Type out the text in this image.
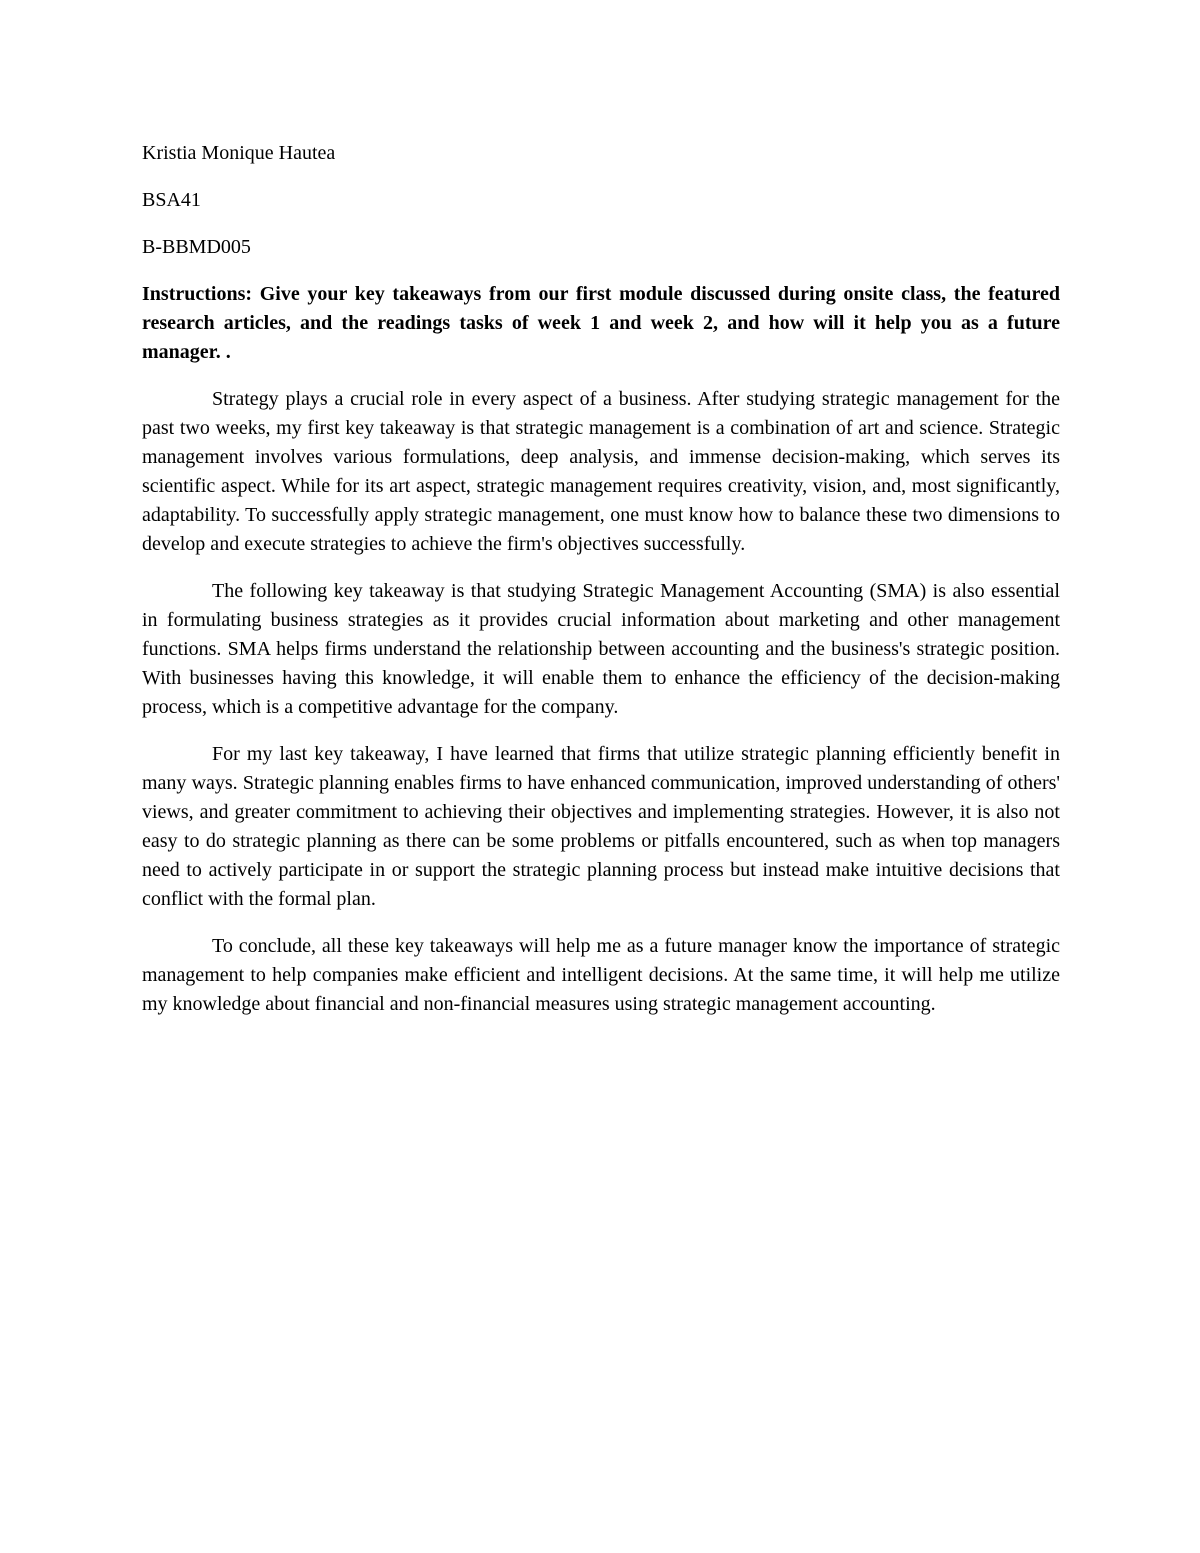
Kristia Monique Hautea

BSA41

B-BBMD005

Instructions: Give your key takeaways from our first module discussed during onsite class, the featured research articles, and the readings tasks of week 1 and week 2, and how will it help you as a future manager. .

Strategy plays a crucial role in every aspect of a business. After studying strategic management for the past two weeks, my first key takeaway is that strategic management is a combination of art and science. Strategic management involves various formulations, deep analysis, and immense decision-making, which serves its scientific aspect. While for its art aspect, strategic management requires creativity, vision, and, most significantly, adaptability. To successfully apply strategic management, one must know how to balance these two dimensions to develop and execute strategies to achieve the firm's objectives successfully.

The following key takeaway is that studying Strategic Management Accounting (SMA) is also essential in formulating business strategies as it provides crucial information about marketing and other management functions. SMA helps firms understand the relationship between accounting and the business's strategic position. With businesses having this knowledge, it will enable them to enhance the efficiency of the decision-making process, which is a competitive advantage for the company.

For my last key takeaway, I have learned that firms that utilize strategic planning efficiently benefit in many ways. Strategic planning enables firms to have enhanced communication, improved understanding of others' views, and greater commitment to achieving their objectives and implementing strategies. However, it is also not easy to do strategic planning as there can be some problems or pitfalls encountered, such as when top managers need to actively participate in or support the strategic planning process but instead make intuitive decisions that conflict with the formal plan.

To conclude, all these key takeaways will help me as a future manager know the importance of strategic management to help companies make efficient and intelligent decisions. At the same time, it will help me utilize my knowledge about financial and non-financial measures using strategic management accounting.
